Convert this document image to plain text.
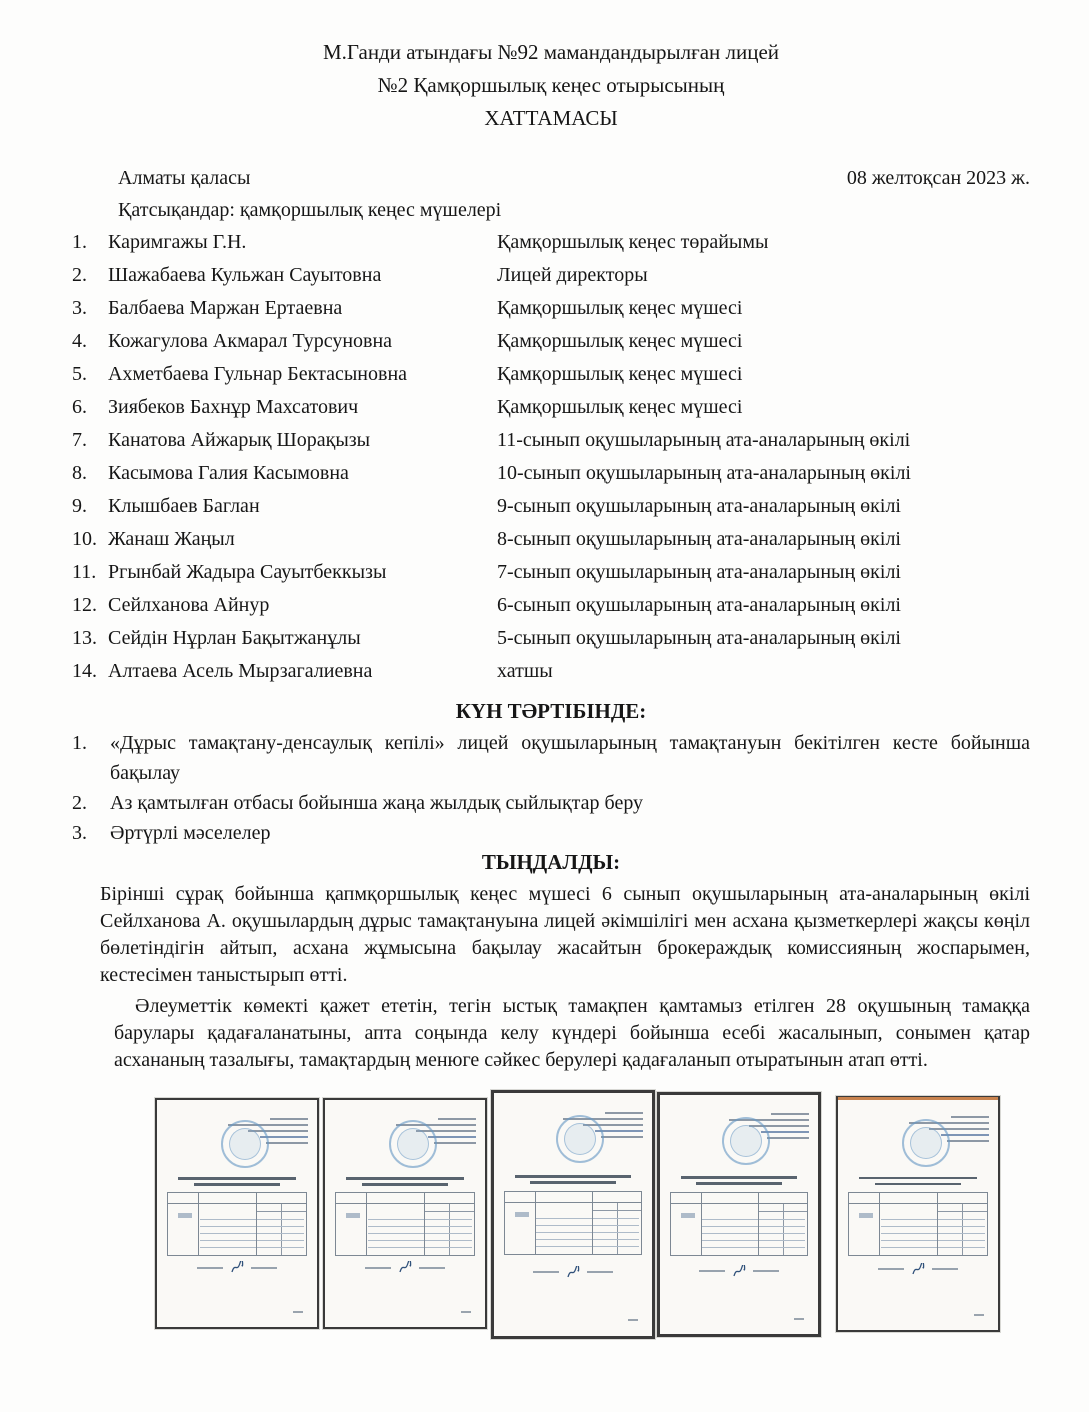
М.Ганди атындағы №92 мамандандырылған лицей
№2 Қамқоршылық кеңес отырысының
ХАТТАМАСЫ
Алматы қаласы	08 желтоқсан 2023 ж.
Қатсықандар: қамқоршылық кеңес мүшелері
1.	Каримгажы Г.Н.	Қамқоршылық кеңес төрайымы
2.	Шажабаева Кульжан Сауытовна	Лицей директоры
3.	Балбаева Маржан Ертаевна	Қамқоршылық кеңес мүшесі
4.	Кожагулова Акмарал Турсуновна	Қамқоршылық кеңес мүшесі
5.	Ахметбаева Гульнар Бектасыновна	Қамқоршылық кеңес мүшесі
6.	Зиябеков Бахнұр Махсатович	Қамқоршылық кеңес мүшесі
7.	Канатова Айжарық Шорақызы	11-сынып оқушыларының ата-аналарының өкілі
8.	Касымова Галия Касымовна	10-сынып оқушыларының ата-аналарының өкілі
9.	Клышбаев Баглан	9-сынып оқушыларының ата-аналарының өкілі
10. Жанаш Жаңыл	8-сынып оқушыларының ата-аналарының өкілі
11. Ргынбай Жадыра Сауытбеккызы	7-сынып оқушыларының ата-аналарының өкілі
12. Сейлханова Айнур	6-сынып оқушыларының ата-аналарының өкілі
13. Сейдін Нұрлан Бақытжанұлы	5-сынып оқушыларының ата-аналарының өкілі
14. Алтаева Асель Мырзагалиевна	хатшы
КҮН ТӘРТІБІНДЕ:
1.	«Дұрыс тамақтану-денсаулық кепілі» лицей оқушыларының тамақтануын бекітілген кесте бойынша бақылау
2.	Аз қамтылған отбасы бойынша жаңа жылдық сыйлықтар беру
3.	Әртүрлі мәселелер
ТЫҢДАЛДЫ:

Бірінші сұрақ бойынша қапмқоршылық кеңес мүшесі 6 сынып оқушыларының ата-аналарының өкілі Сейлханова А. оқушылардың дұрыс тамақтануына лицей әкімшілігі мен асхана қызметкерлері жақсы көңіл бөлетіндігін айтып, асхана жұмысына бақылау жасайтын брокераждық комиссияның жоспарымен, кестесімен таныстырып өтті.

Әлеуметтік көмекті қажет ететін, тегін ыстық тамақпен қамтамыз етілген 28 оқушының тамаққа барулары қадағаланатыны, апта соңында келу күндері бойынша есебі жасалынып, сонымен қатар асхананың тазалығы, тамақтардың менюге сәйкес берулері қадағаланып отыратынын атап өтті.
